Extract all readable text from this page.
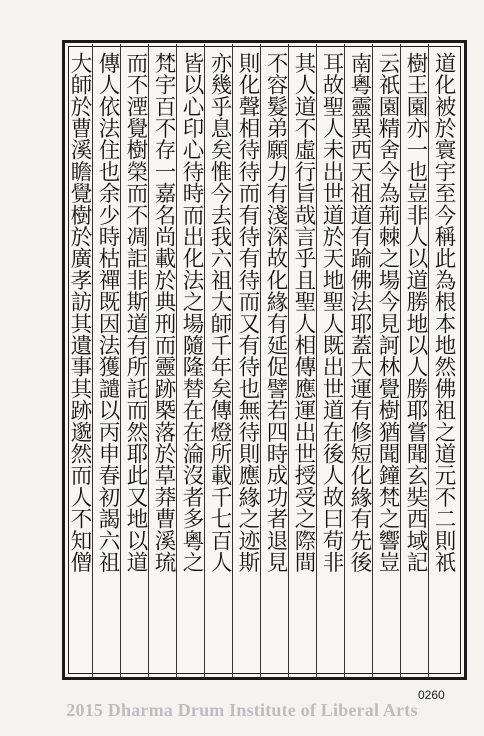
道化被於寰宇至今稱此為根本地然佛祖之道元不二則祇
樹王園亦一也豈非人以道勝地以人勝耶嘗聞玄奘西域記
云祇園精舍今為荊棘之場今見訶林覺樹猶聞鐘梵之響豈
南粵靈異西天祖道有踰佛法耶蓋大運有修短化緣有先後
耳故聖人未出世道於天地聖人既出世道在後人故曰苟非
其人道不虛行旨哉言乎且聖人相傳應運出世授受之際間
不容髮弟願力有淺深故化緣有延促譬若四時成功者退見
則化聲相待待而有待有待而又有待也無待則應緣之迹斯
亦幾乎息矣惟今去我六祖大師千年矣傳燈所載千七百人
皆以心印心待時而出化法之場隨隆替在在淪沒者多粵之
梵宇百不存一嘉名尚載於典刑而靈跡槩落於草莽曹溪琉
而不湮覺樹榮而不凋詎非斯道有所託而然耶此又地以道
傳人依法住也余少時枯禪既因法獲譴以丙申春初謁六祖
大師於曹溪瞻覺樹於廣孝訪其遺事其跡邈然而人不知僧
0260
2015 Dharma Drum Institute of Liberal Arts
